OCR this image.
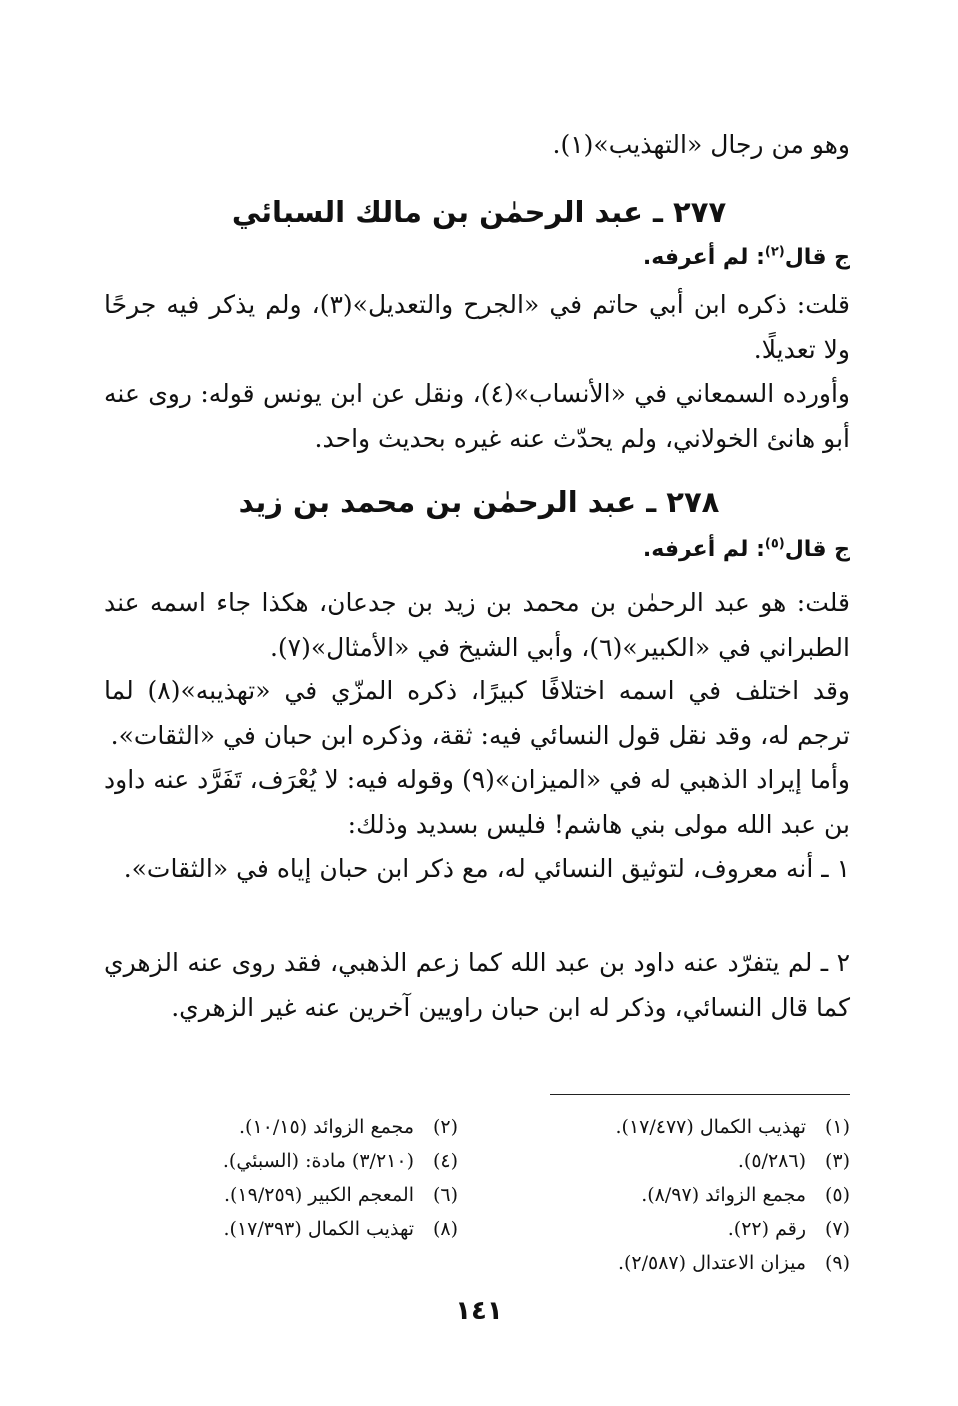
وهو من رجال «التهذيب»(١).
٢٧٧ ـ عبد الرحمٰن بن مالك السبائي
ج قال$^{(٢)}$: لم أعرفه.
قلت: ذكره ابن أبي حاتم في «الجرح والتعديل»(٣)، ولم يذكر فيه جرحًا ولا تعديلًا.
وأورده السمعاني في «الأنساب»(٤)، ونقل عن ابن يونس قوله: روى عنه أبو هانئ الخولاني، ولم يحدّث عنه غيره بحديث واحد.
٢٧٨ ـ عبد الرحمٰن بن محمد بن زيد
ج قال$^{(٥)}$: لم أعرفه.
قلت: هو عبد الرحمٰن بن محمد بن زيد بن جدعان، هكذا جاء اسمه عند الطبراني في «الكبير»(٦)، وأبي الشيخ في «الأمثال»(٧).
وقد اختلف في اسمه اختلافًا كبيرًا، ذكره المزّي في «تهذيبه»(٨) لما ترجم له، وقد نقل قول النسائي فيه: ثقة، وذكره ابن حبان في «الثقات».
وأما إيراد الذهبي له في «الميزان»(٩) وقوله فيه: لا يُعْرَف، تَفَرَّد عنه داود بن عبد الله مولى بني هاشم! فليس بسديد وذلك:
١ ـ أنه معروف، لتوثيق النسائي له، مع ذكر ابن حبان إياه في «الثقات».
٢ ـ لم يتفرّد عنه داود بن عبد الله كما زعم الذهبي، فقد روى عنه الزهري كما قال النسائي، وذكر له ابن حبان راويين آخرين عنه غير الزهري.
(١)تهذيب الكمال (١٧/٤٧٧).
(٢)مجمع الزوائد (١٠/١٥).
(٣)(٥/٢٨٦).
(٤)(٣/٢١٠) مادة: (السبئي).
(٥)مجمع الزوائد (٨/٩٧).
(٦)المعجم الكبير (١٩/٢٥٩).
(٧)رقم (٢٢).
(٨)تهذيب الكمال (١٧/٣٩٣).
(٩)ميزان الاعتدال (٢/٥٨٧).
١٤١
